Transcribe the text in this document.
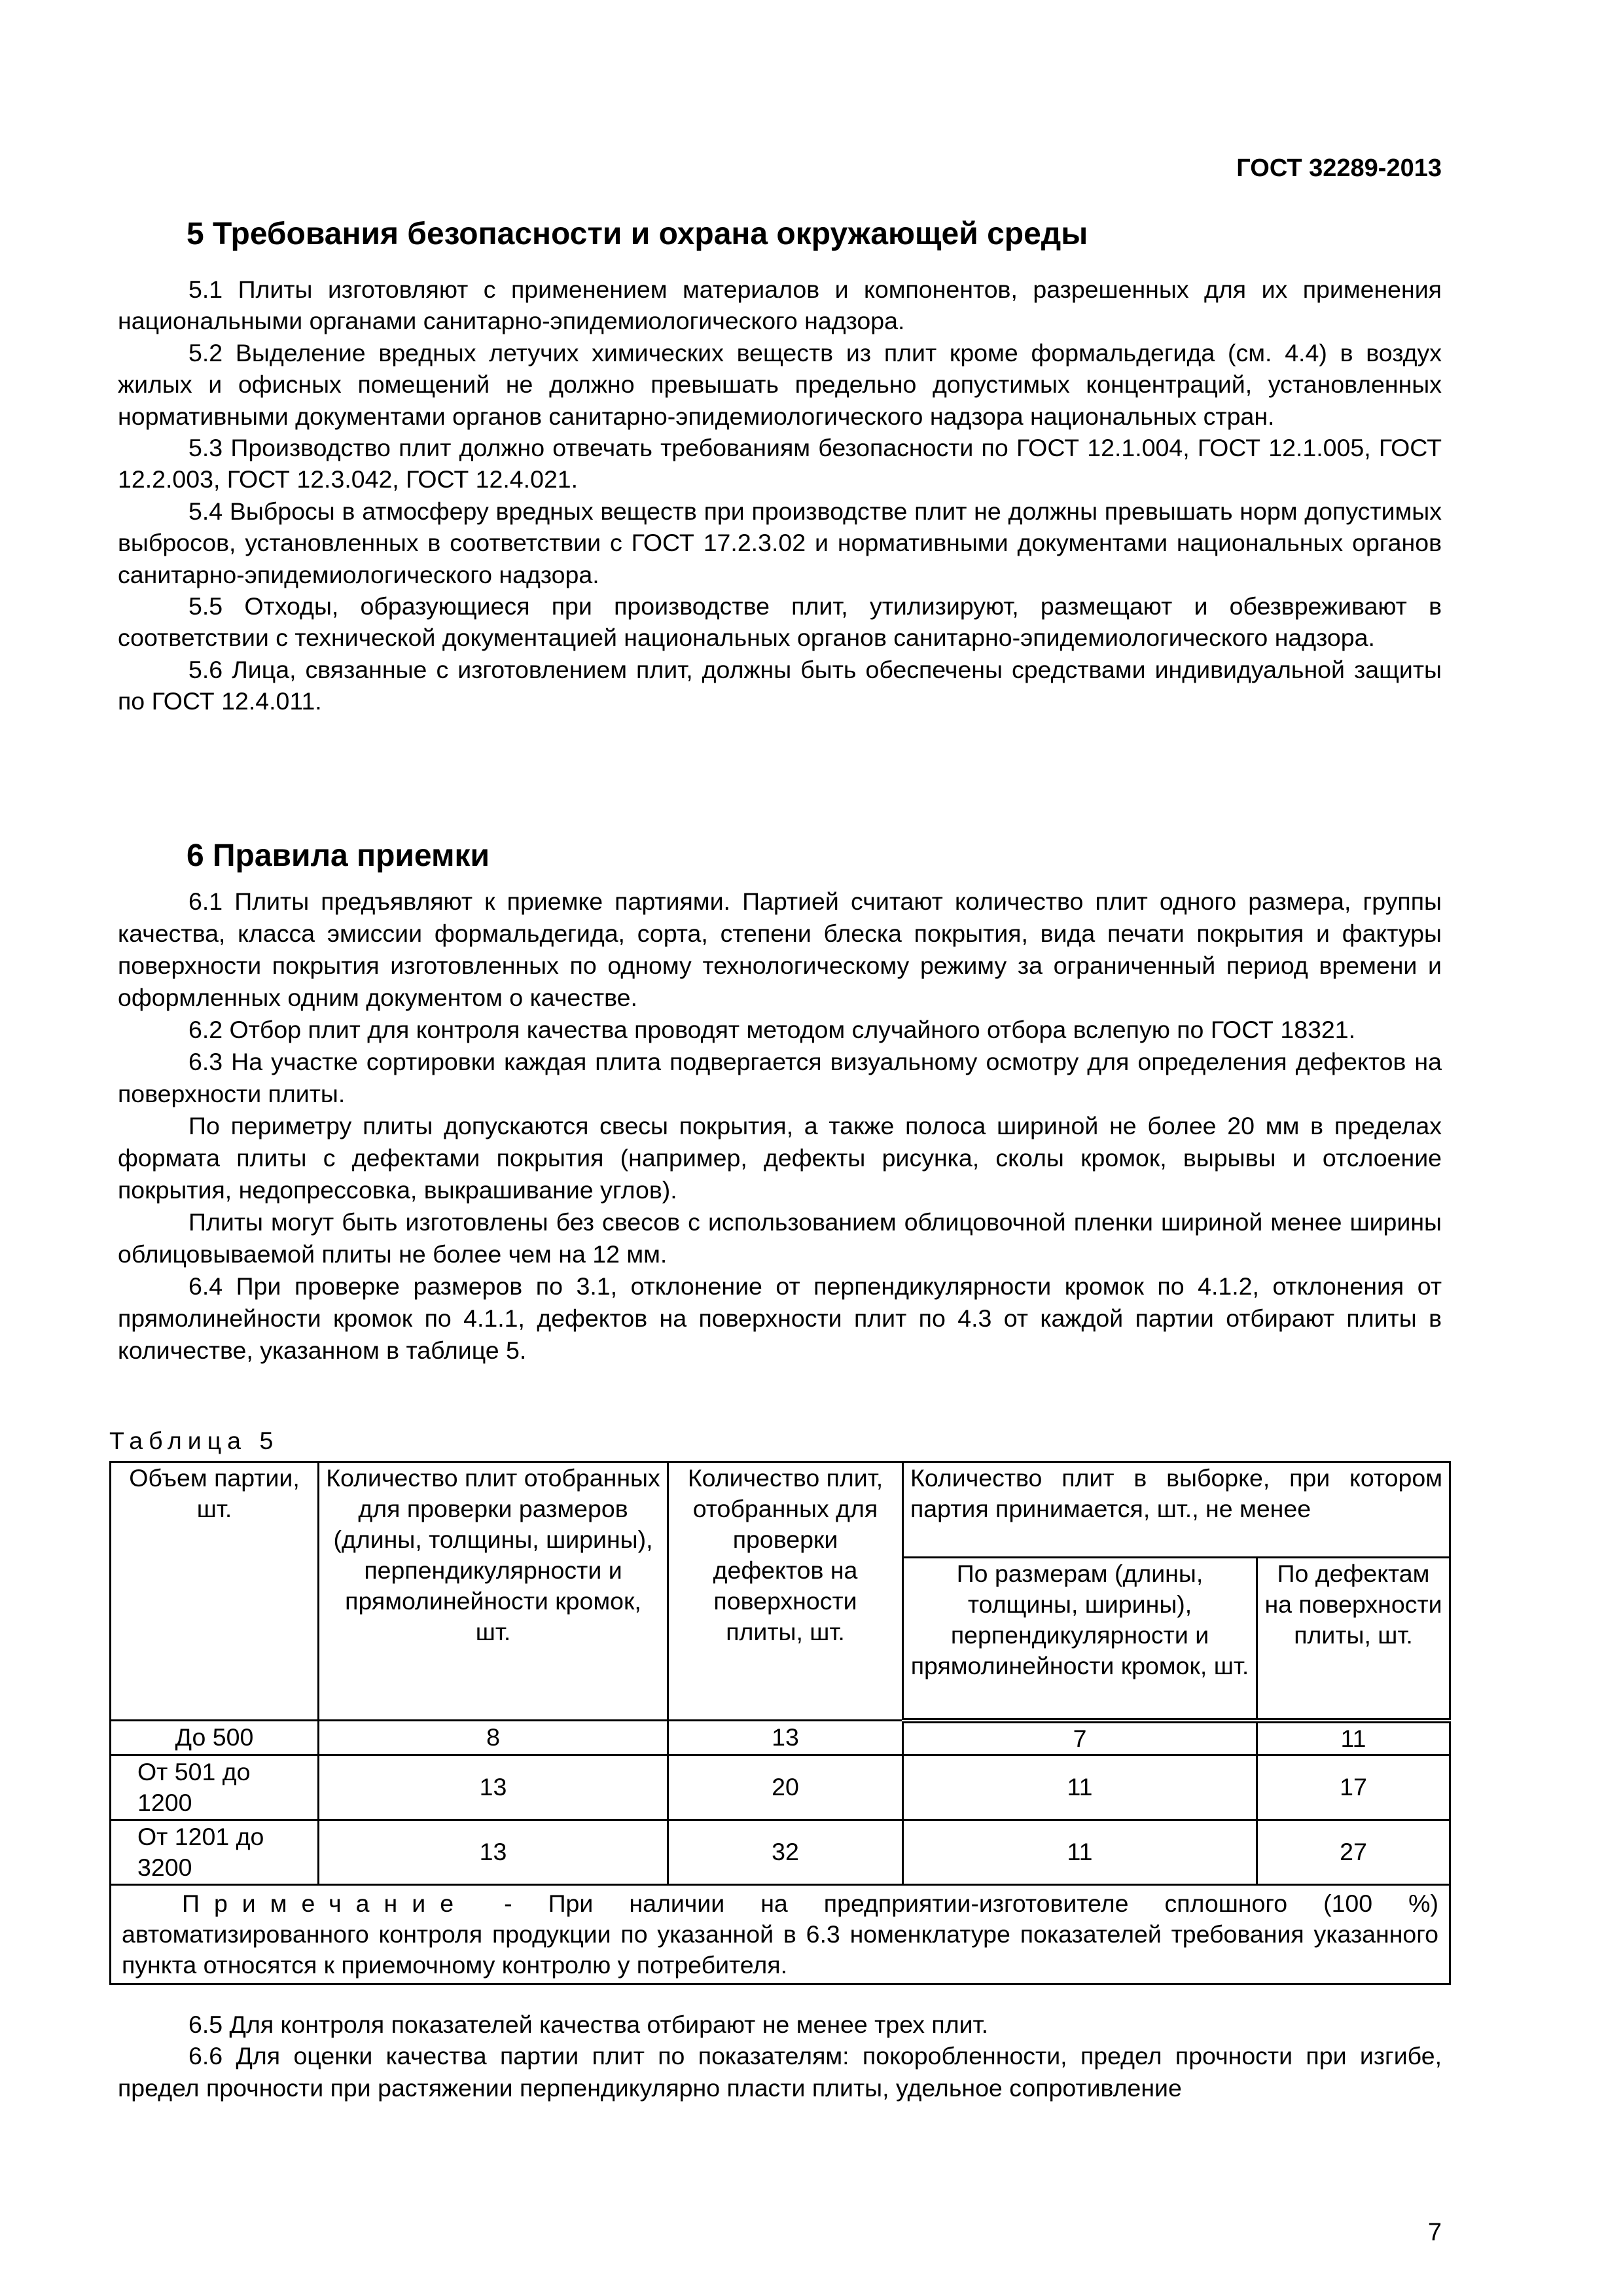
ГОСТ 32289-2013
5 Требования безопасности и охрана окружающей среды

5.1 Плиты изготовляют с применением материалов и компонентов, разрешенных для их применения национальными органами санитарно-эпидемиологического надзора.

5.2 Выделение вредных летучих химических веществ из плит кроме формальдегида (см. 4.4) в воздух жилых и офисных помещений не должно превышать предельно допустимых концентраций, установленных нормативными документами органов санитарно-эпидемиологического надзора национальных стран.

5.3 Производство плит должно отвечать требованиям безопасности по ГОСТ 12.1.004, ГОСТ 12.1.005, ГОСТ 12.2.003, ГОСТ 12.3.042, ГОСТ 12.4.021.

5.4 Выбросы в атмосферу вредных веществ при производстве плит не должны превышать норм допустимых выбросов, установленных в соответствии с ГОСТ 17.2.3.02 и нормативными документами национальных органов санитарно-эпидемиологического надзора.

5.5 Отходы, образующиеся при производстве плит, утилизируют, размещают и обезвреживают в соответствии с технической документацией национальных органов санитарно-эпидемиологического надзора.

5.6 Лица, связанные с изготовлением плит, должны быть обеспечены средствами индивидуальной защиты по ГОСТ 12.4.011.

6 Правила приемки

6.1 Плиты предъявляют к приемке партиями. Партией считают количество плит одного размера, группы качества, класса эмиссии формальдегида, сорта, степени блеска покрытия, вида печати покрытия и фактуры поверхности покрытия изготовленных по одному технологическому режиму за ограниченный период времени и оформленных одним документом о качестве.

6.2 Отбор плит для контроля качества проводят методом случайного отбора вслепую по ГОСТ 18321.

6.3 На участке сортировки каждая плита подвергается визуальному осмотру для определения дефектов на поверхности плиты.

По периметру плиты допускаются свесы покрытия, а также полоса шириной не более 20 мм в пределах формата плиты с дефектами покрытия (например, дефекты рисунка, сколы кромок, вырывы и отслоение покрытия, недопрессовка, выкрашивание углов).

Плиты могут быть изготовлены без свесов с использованием облицовочной пленки шириной менее ширины облицовываемой плиты не более чем на 12 мм.

6.4 При проверке размеров по 3.1, отклонение от перпендикулярности кромок по 4.1.2, отклонения от прямолинейности кромок по 4.1.1, дефектов на поверхности плит по 4.3 от каждой партии отбирают плиты в количестве, указанном в таблице 5.

Таблица 5
Объем партии, шт.	Количество плит отобранных для проверки размеров (длины, толщины, ширины), перпендикулярности и прямолинейности кромок, шт.	Количество плит, отобранных для проверки дефектов на поверхности плиты, шт.	Количество плит в выборке, при котором партия принимается, шт., не менее	
			По размерам (длины, толщины, ширины), перпендикулярности и прямолинейности кромок, шт.	По дефектам на поверхности плиты, шт.
До 500	8	13	7	11
От 501 до 1200	13	20	11	17
От 1201 до 3200	13	32	11	27
Примечание - При наличии на предприятии-изготовителе сплошного (100 %) автоматизированного контроля продукции по указанной в 6.3 номенклатуре показателей требования указанного пункта относятся к приемочному контролю у потребителя.				

6.5 Для контроля показателей качества отбирают не менее трех плит.

6.6 Для оценки качества партии плит по показателям: покоробленности, предел прочности при изгибе, предел прочности при растяжении перпендикулярно пласти плиты, удельное сопротивление

7
